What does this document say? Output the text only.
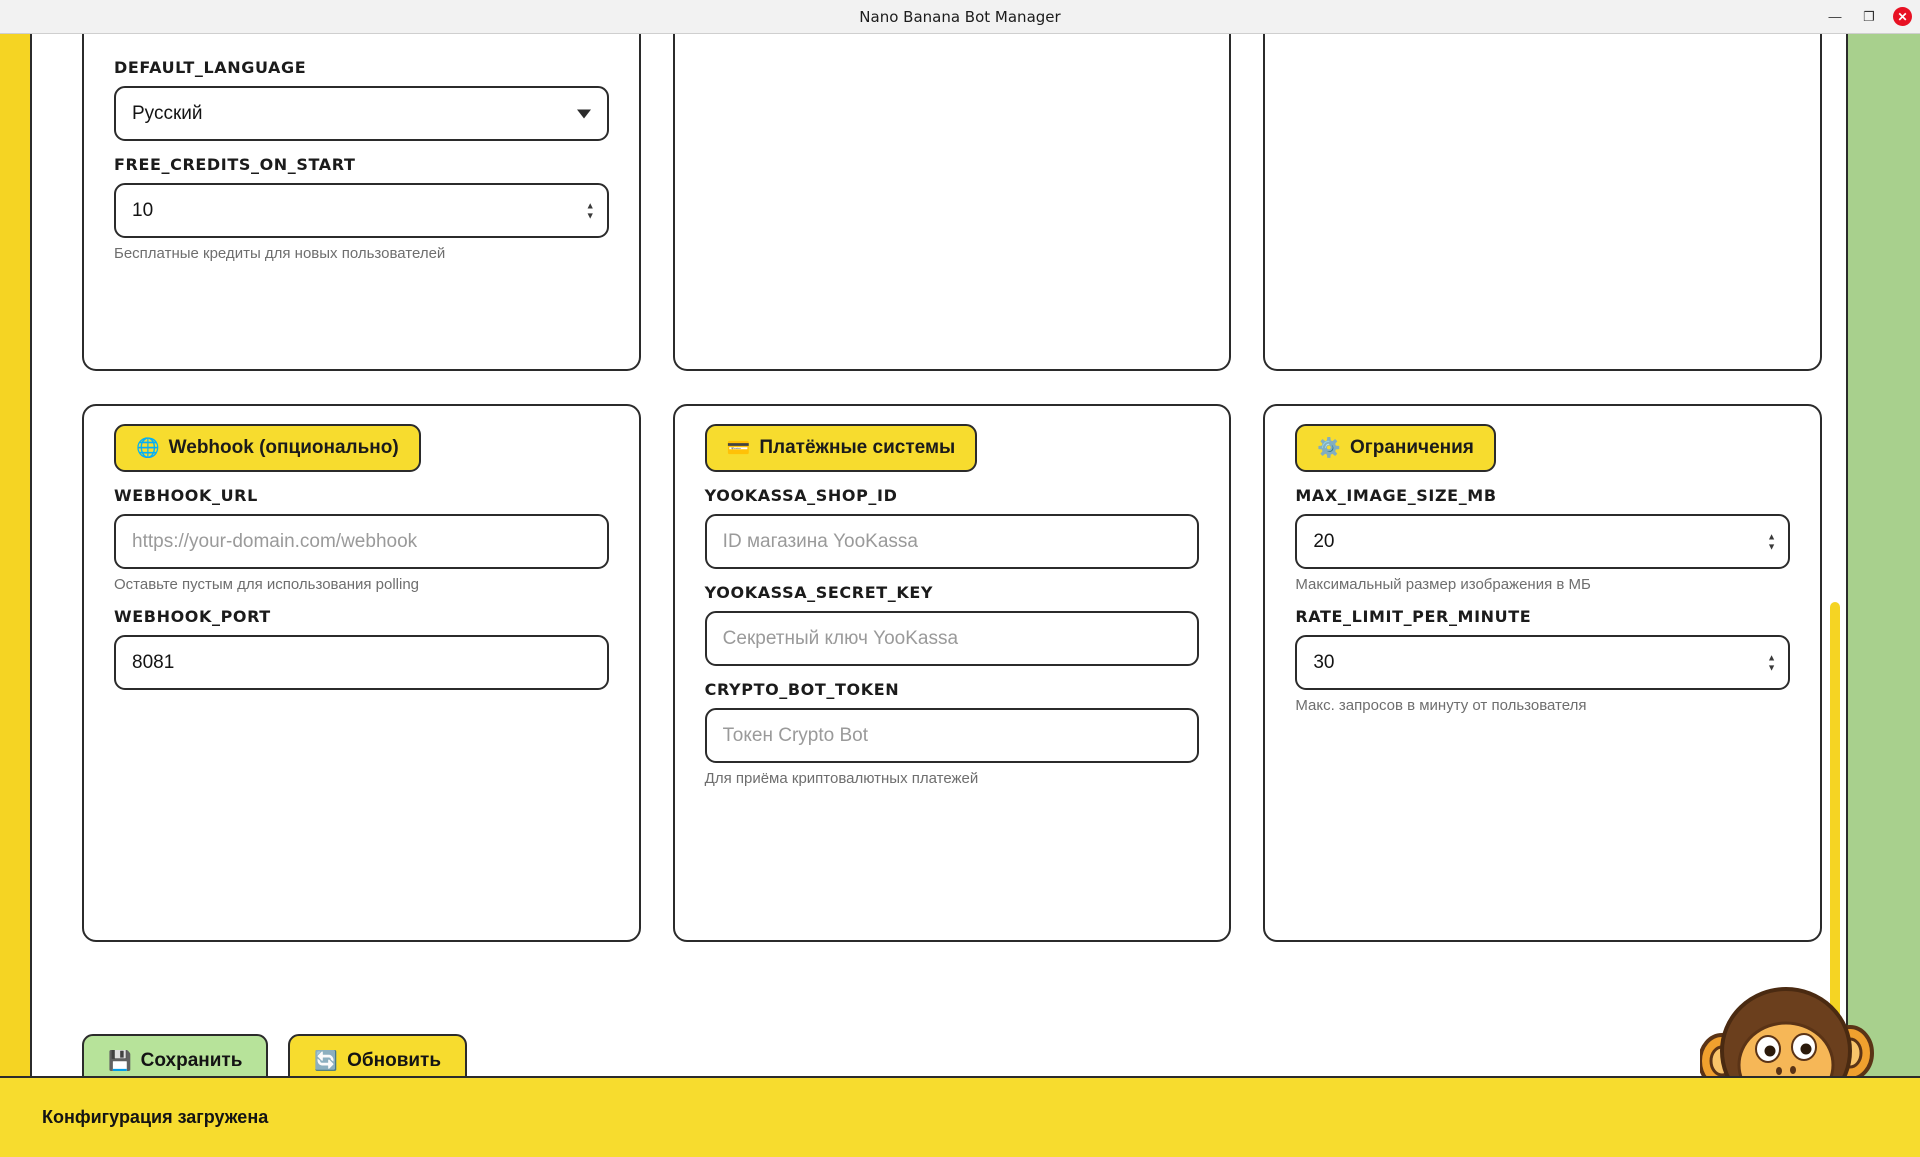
Nano Banana Bot Manager	—	❐	✕
DEFAULT_LANGUAGE
Русский
FREE_CREDITS_ON_START
10
▲
▼
Бесплатные кредиты для новых пользователей
🌐 Webhook (опционально)
WEBHOOK_URL
https://your-domain.com/webhook
Оставьте пустым для использования polling
WEBHOOK_PORT
8081
💳 Платёжные системы
YOOKASSA_SHOP_ID
ID магазина YooKassa
YOOKASSA_SECRET_KEY
Секретный ключ YooKassa
CRYPTO_BOT_TOKEN
Токен Crypto Bot
Для приёма криптовалютных платежей
⚙️ Ограничения
MAX_IMAGE_SIZE_MB
20
▲
▼
Максимальный размер изображения в МБ
RATE_LIMIT_PER_MINUTE
30
▲
▼
Макс. запросов в минуту от пользователя
💾 Сохранить	🔄 Обновить
Конфигурация загружена
